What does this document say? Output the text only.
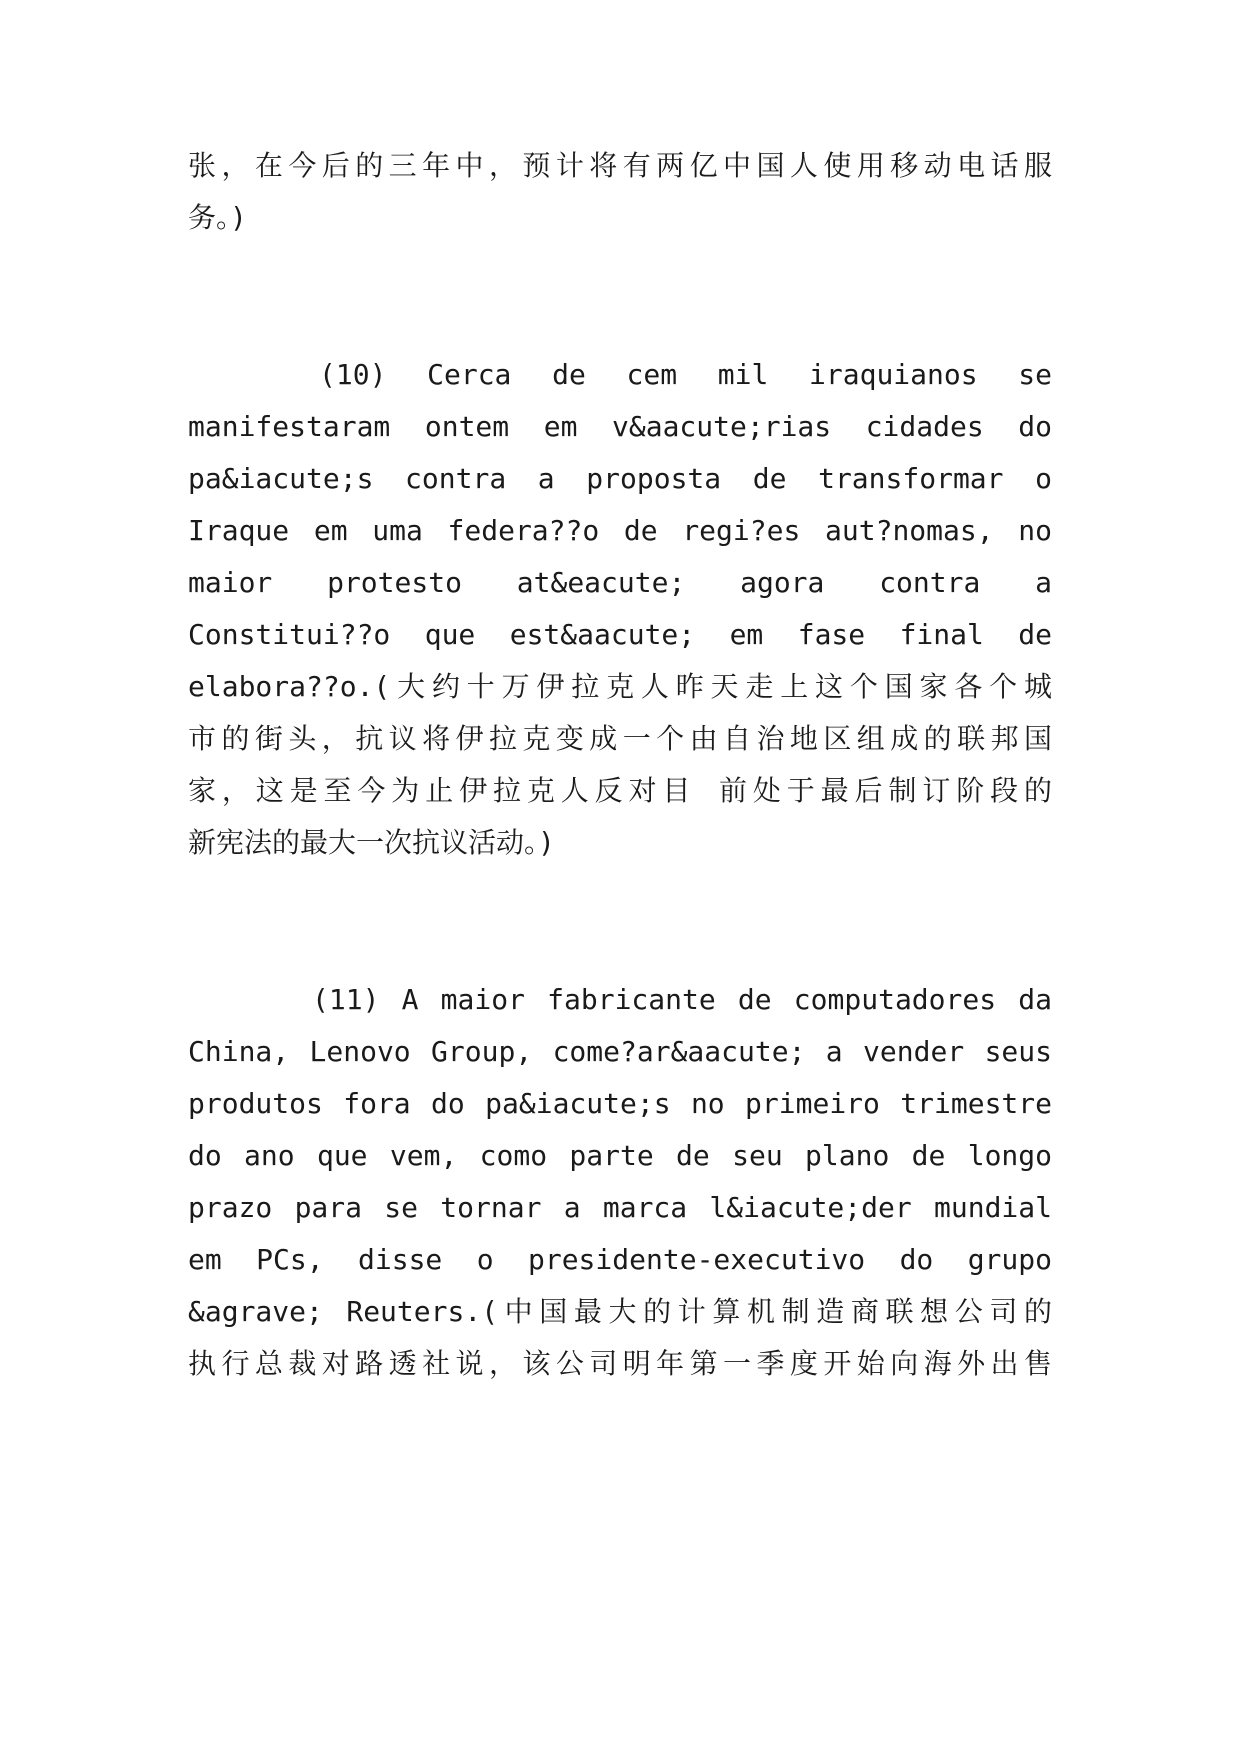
张，在今后的三年中，预计将有两亿中国人使用移动电话服
务。)
(10) Cerca de cem mil iraquianos se
manifestaram ontem em v&aacute;rias cidades do
pa&iacute;s contra a proposta de transformar o
Iraque em uma federa??o de regi?es aut?nomas, no
maior protesto at&eacute; agora contra a
Constitui??o que est&aacute; em fase final de
elabora??o.(大约十万伊拉克人昨天走上这个国家各个城
市的街头，抗议将伊拉克变成一个由自治地区组成的联邦国
家，这是至今为止伊拉克人反对目 前处于最后制订阶段的
新宪法的最大一次抗议活动。)
(11) A maior fabricante de computadores da
China, Lenovo Group, come?ar&aacute; a vender seus
produtos fora do pa&iacute;s no primeiro trimestre
do ano que vem, como parte de seu plano de longo
prazo para se tornar a marca l&iacute;der mundial
em PCs, disse o presidente-executivo do grupo
&agrave; Reuters.(中国最大的计算机制造商联想公司的
执行总裁对路透社说，该公司明年第一季度开始向海外出售
